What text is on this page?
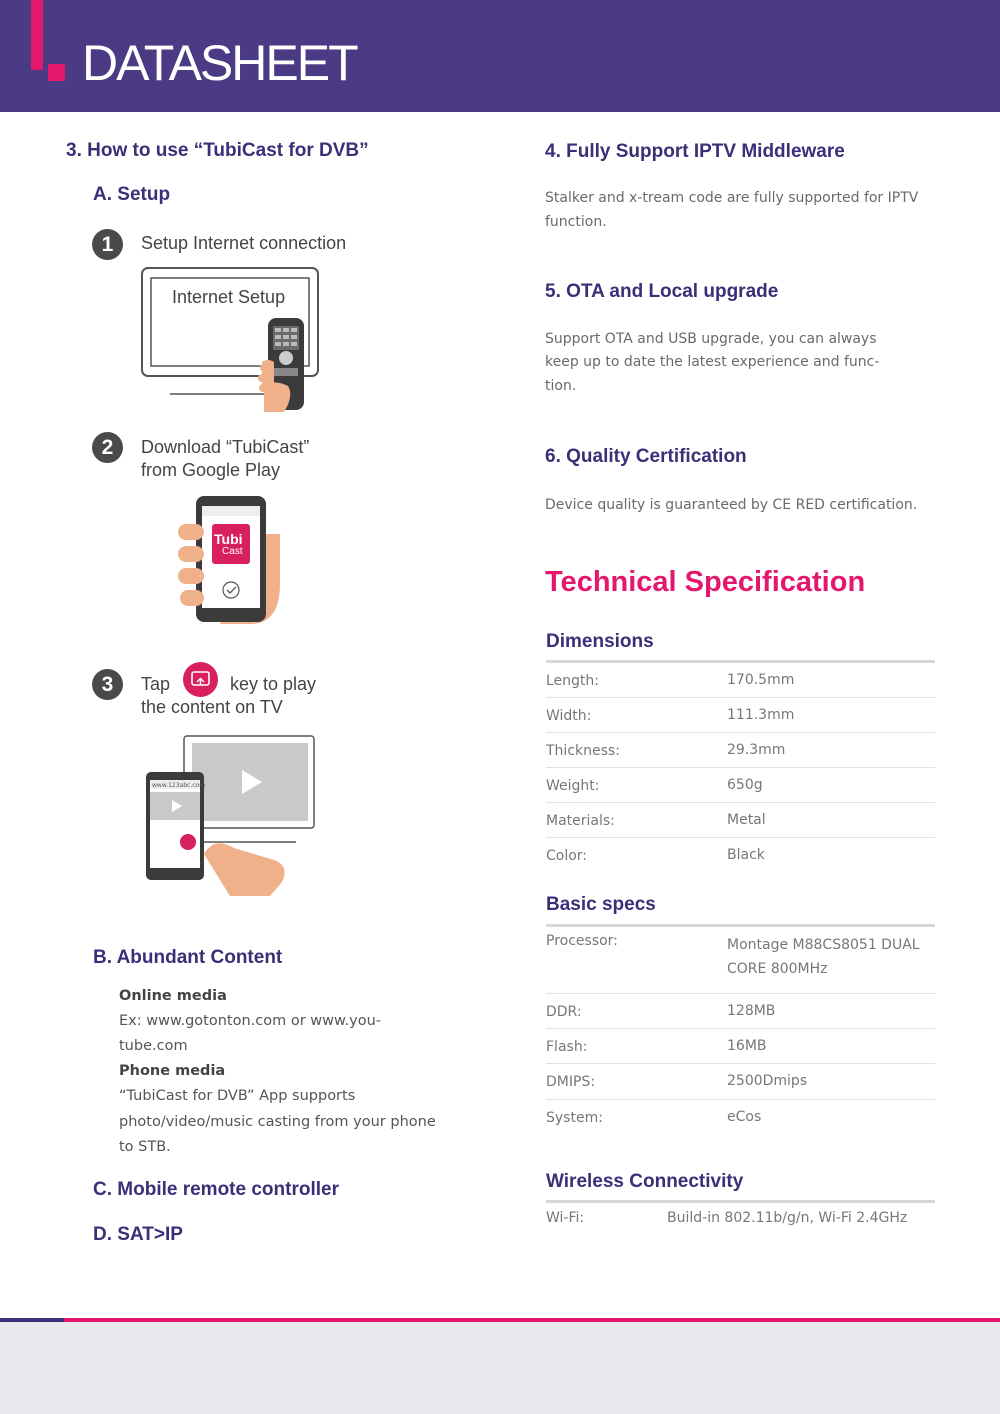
DATASHEET
3. How to use “TubiCast for DVB”
A. Setup
1	Setup Internet connection
Internet Setup
2	Download “TubiCast”
from Google Play
Tubi
Cast
3	Tap	key to play
the content on TV
www.123abc.com
B. Abundant Content
Online media
Ex: www.gotonton.com or www.you-
tube.com
Phone media
“TubiCast for DVB” App supports
photo/video/music casting from your phone
to STB.
C. Mobile remote controller
D. SAT>IP
4. Fully Support IPTV Middleware
Stalker and x-tream code are fully supported for IPTV
function.
5. OTA and Local upgrade
Support OTA and USB upgrade, you can always
keep up to date the latest experience and func-
tion.
6. Quality Certification
Device quality is guaranteed by CE RED certification.
Technical Specification
Dimensions
Length:	170.5mm
Width:	111.3mm
Thickness:	29.3mm
Weight:	650g
Materials:	Metal
Color:	Black
Basic specs
Processor:	Montage M88CS8051 DUAL
CORE 800MHz
DDR:	128MB
Flash:	16MB
DMIPS:	2500Dmips
System:	eCos
Wireless Connectivity
Wi-Fi:	Build-in 802.11b/g/n, Wi-Fi 2.4GHz
